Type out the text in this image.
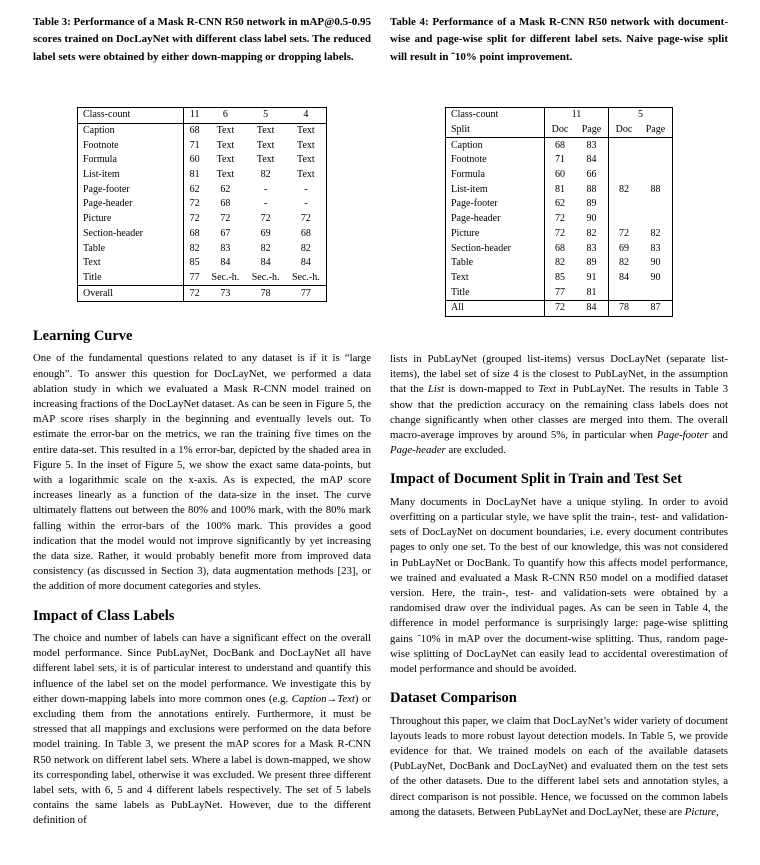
Table 3: Performance of a Mask R-CNN R50 network in mAP@0.5-0.95 scores trained on DocLayNet with different class label sets. The reduced label sets were obtained by either down-mapping or dropping labels.
Table 4: Performance of a Mask R-CNN R50 network with document-wise and page-wise split for different label sets. Naive page-wise split will result in ˜10% point improvement.
Class-count	11	6	5	4
Caption	68	Text	Text	Text
Footnote	71	Text	Text	Text
Formula	60	Text	Text	Text
List-item	81	Text	82	Text
Page-footer	62	62	-	-
Page-header	72	68	-	-
Picture	72	72	72	72
Section-header	68	67	69	68
Table	82	83	82	82
Text	85	84	84	84
Title	77	Sec.-h.	Sec.-h.	Sec.-h.
Overall	72	73	78	77
Class-count	11		5	
Split	Doc	Page	Doc	Page
Caption	68	83		
Footnote	71	84		
Formula	60	66		
List-item	81	88	82	88
Page-footer	62	89		
Page-header	72	90		
Picture	72	82	72	82
Section-header	68	83	69	83
Table	82	89	82	90
Text	85	91	84	90
Title	77	81		
All	72	84	78	87
Learning Curve

One of the fundamental questions related to any dataset is if it is “large enough”. To answer this question for DocLayNet, we performed a data ablation study in which we evaluated a Mask R-CNN model trained on increasing fractions of the DocLayNet dataset. As can be seen in Figure 5, the mAP score rises sharply in the beginning and eventually levels out. To estimate the error-bar on the metrics, we ran the training five times on the entire data-set. This resulted in a 1% error-bar, depicted by the shaded area in Figure 5. In the inset of Figure 5, we show the exact same data-points, but with a logarithmic scale on the x-axis. As is expected, the mAP score increases linearly as a function of the data-size in the inset. The curve ultimately flattens out between the 80% and 100% mark, with the 80% mark falling within the error-bars of the 100% mark. This provides a good indication that the model would not improve significantly by yet increasing the data size. Rather, it would probably benefit more from improved data consistency (as discussed in Section 3), data augmentation methods [23], or the addition of more document categories and styles.

Impact of Class Labels

The choice and number of labels can have a significant effect on the overall model performance. Since PubLayNet, DocBank and DocLayNet all have different label sets, it is of particular interest to understand and quantify this influence of the label set on the model performance. We investigate this by either down-mapping labels into more common ones (e.g. Caption→Text) or excluding them from the annotations entirely. Furthermore, it must be stressed that all mappings and exclusions were performed on the data before model training. In Table 3, we present the mAP scores for a Mask R-CNN R50 network on different label sets. Where a label is down-mapped, we show its corresponding label, otherwise it was excluded. We present three different label sets, with 6, 5 and 4 different labels respectively. The set of 5 labels contains the same labels as PubLayNet. However, due to the different definition of

lists in PubLayNet (grouped list-items) versus DocLayNet (separate list-items), the label set of size 4 is the closest to PubLayNet, in the assumption that the List is down-mapped to Text in PubLayNet. The results in Table 3 show that the prediction accuracy on the remaining class labels does not change significantly when other classes are merged into them. The overall macro-average improves by around 5%, in particular when Page-footer and Page-header are excluded.

Impact of Document Split in Train and Test Set

Many documents in DocLayNet have a unique styling. In order to avoid overfitting on a particular style, we have split the train-, test- and validation-sets of DocLayNet on document boundaries, i.e. every document contributes pages to only one set. To the best of our knowledge, this was not considered in PubLayNet or DocBank. To quantify how this affects model performance, we trained and evaluated a Mask R-CNN R50 model on a modified dataset version. Here, the train-, test- and validation-sets were obtained by a randomised draw over the individual pages. As can be seen in Table 4, the difference in model performance is surprisingly large: page-wise splitting gains ˜10% in mAP over the document-wise splitting. Thus, random page-wise splitting of DocLayNet can easily lead to accidental overestimation of model performance and should be avoided.

Dataset Comparison

Throughout this paper, we claim that DocLayNet’s wider variety of document layouts leads to more robust layout detection models. In Table 5, we provide evidence for that. We trained models on each of the available datasets (PubLayNet, DocBank and DocLayNet) and evaluated them on the test sets of the other datasets. Due to the different label sets and annotation styles, a direct comparison is not possible. Hence, we focussed on the common labels among the datasets. Between PubLayNet and DocLayNet, these are Picture,
